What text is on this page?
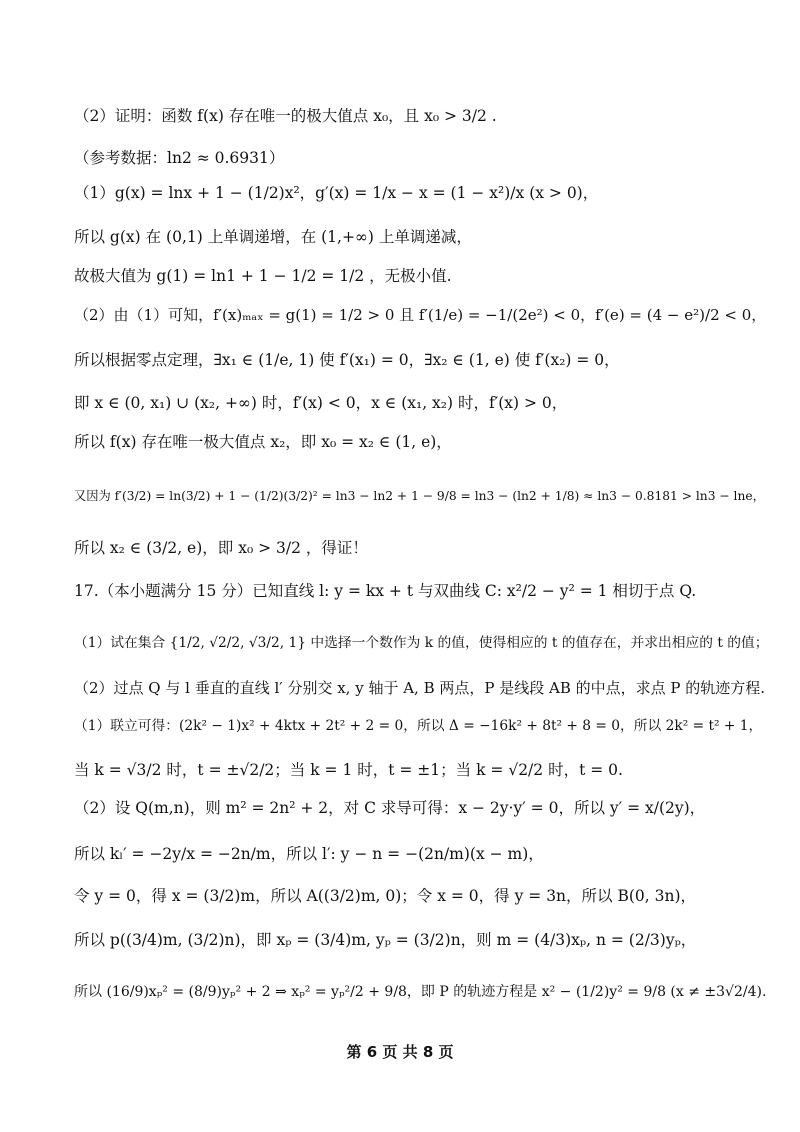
（2）证明：函数 f(x) 存在唯一的极大值点 x₀，且 x₀ > 3/2 .
（参考数据：ln2 ≈ 0.6931）
（1）g(x) = lnx + 1 − (1/2)x²，g′(x) = 1/x − x = (1 − x²)/x (x > 0)，
所以 g(x) 在 (0,1) 上单调递增，在 (1,+∞) 上单调递减，
故极大值为 g(1) = ln1 + 1 − 1/2 = 1/2 ，无极小值.
（2）由（1）可知，f′(x)ₘₐₓ = g(1) = 1/2 > 0 且 f′(1/e) = −1/(2e²) < 0，f′(e) = (4 − e²)/2 < 0，
所以根据零点定理，∃x₁ ∈ (1/e, 1) 使 f′(x₁) = 0，∃x₂ ∈ (1, e) 使 f′(x₂) = 0，
即 x ∈ (0, x₁) ∪ (x₂, +∞) 时，f′(x) < 0，x ∈ (x₁, x₂) 时，f′(x) > 0，
所以 f(x) 存在唯一极大值点 x₂，即 x₀ = x₂ ∈ (1, e)，
又因为 f′(3/2) = ln(3/2) + 1 − (1/2)(3/2)² = ln3 − ln2 + 1 − 9/8 = ln3 − (ln2 + 1/8) ≈ ln3 − 0.8181 > ln3 − lne，
所以 x₂ ∈ (3/2, e)，即 x₀ > 3/2 ，得证！
17.（本小题满分 15 分）已知直线 l: y = kx + t 与双曲线 C: x²/2 − y² = 1 相切于点 Q.
（1）试在集合 {1/2, √2/2, √3/2, 1} 中选择一个数作为 k 的值，使得相应的 t 的值存在，并求出相应的 t 的值；
（2）过点 Q 与 l 垂直的直线 l′ 分别交 x, y 轴于 A, B 两点，P 是线段 AB 的中点，求点 P 的轨迹方程.
（1）联立可得：(2k² − 1)x² + 4ktx + 2t² + 2 = 0，所以 Δ = −16k² + 8t² + 8 = 0，所以 2k² = t² + 1，
当 k = √3/2 时，t = ±√2/2；当 k = 1 时，t = ±1；当 k = √2/2 时，t = 0.
（2）设 Q(m,n)，则 m² = 2n² + 2，对 C 求导可得：x − 2y·y′ = 0，所以 y′ = x/(2y)，
所以 kₗ′ = −2y/x = −2n/m，所以 l′: y − n = −(2n/m)(x − m)，
令 y = 0，得 x = (3/2)m，所以 A((3/2)m, 0)；令 x = 0，得 y = 3n，所以 B(0, 3n)，
所以 p((3/4)m, (3/2)n)，即 xₚ = (3/4)m, yₚ = (3/2)n，则 m = (4/3)xₚ, n = (2/3)yₚ，
所以 (16/9)xₚ² = (8/9)yₚ² + 2 ⇒ xₚ² = yₚ²/2 + 9/8，即 P 的轨迹方程是 x² − (1/2)y² = 9/8 (x ≠ ±3√2/4).
第 6 页 共 8 页
